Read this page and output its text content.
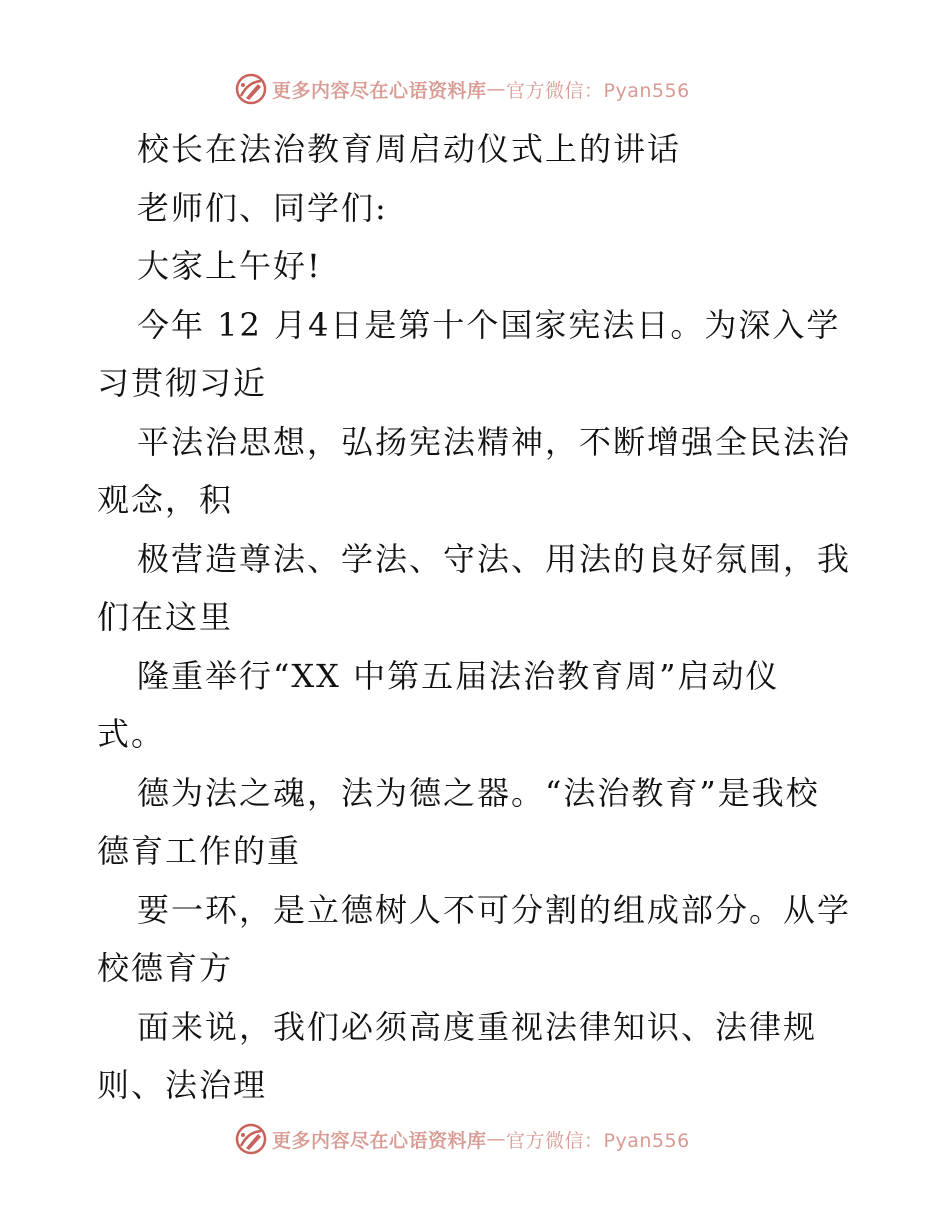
更多内容尽在心语资料库 — 官方微信：Pyan556
校长在法治教育周启动仪式上的讲话
老师们、同学们:
大家上午好!
今年 12 月4日是第十个国家宪法日。为深入学
习贯彻习近
平法治思想，弘扬宪法精神，不断增强全民法治
观念，积
极营造尊法、学法、守法、用法的良好氛围，我
们在这里
隆重举行“XX 中第五届法治教育周”启动仪
式。
德为法之魂，法为德之器。“法治教育”是我校
德育工作的重
要一环，是立德树人不可分割的组成部分。从学
校德育方
面来说，我们必须高度重视法律知识、法律规
则、法治理
更多内容尽在心语资料库 — 官方微信：Pyan556
